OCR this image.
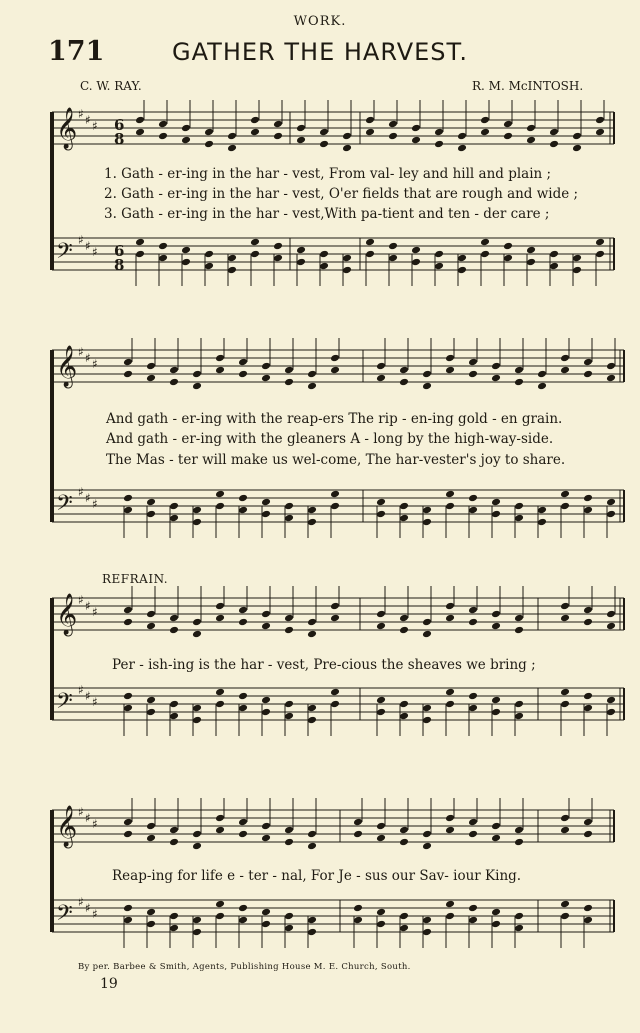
WORK.
171	GATHER THE HARVEST.
C. W. RAY.	R. M. McINTOSH.
𝄞 ♯ ♯ ♯
𝄢 ♯ ♯ ♯
𝄞 ♯ ♯ ♯
𝄢 ♯ ♯ ♯
𝄞 ♯ ♯ ♯
𝄢 ♯ ♯ ♯
𝄞 ♯ ♯ ♯
𝄢 ♯ ♯ ♯
6
8
6
8
1. Gath - er-ing in the har - vest, From val- ley and hill and plain ;
2. Gath - er-ing in the har - vest, O'er fields that are rough and wide ;
3. Gath - er-ing in the har - vest,With pa-tient and ten - der care ;
And gath - er-ing with the reap-ers The rip - en-ing gold - en grain.
And gath - er-ing with the gleaners A - long by the high-way-side.
The Mas - ter will make us wel-come, The har-vester's joy to share.
REFRAIN.
Per - ish-ing is the har - vest, Pre-cious the sheaves we bring ;
Reap-ing for life e - ter - nal, For Je - sus our Sav- iour King.
By per. Barbee & Smith, Agents, Publishing House M. E. Church, South.
19
